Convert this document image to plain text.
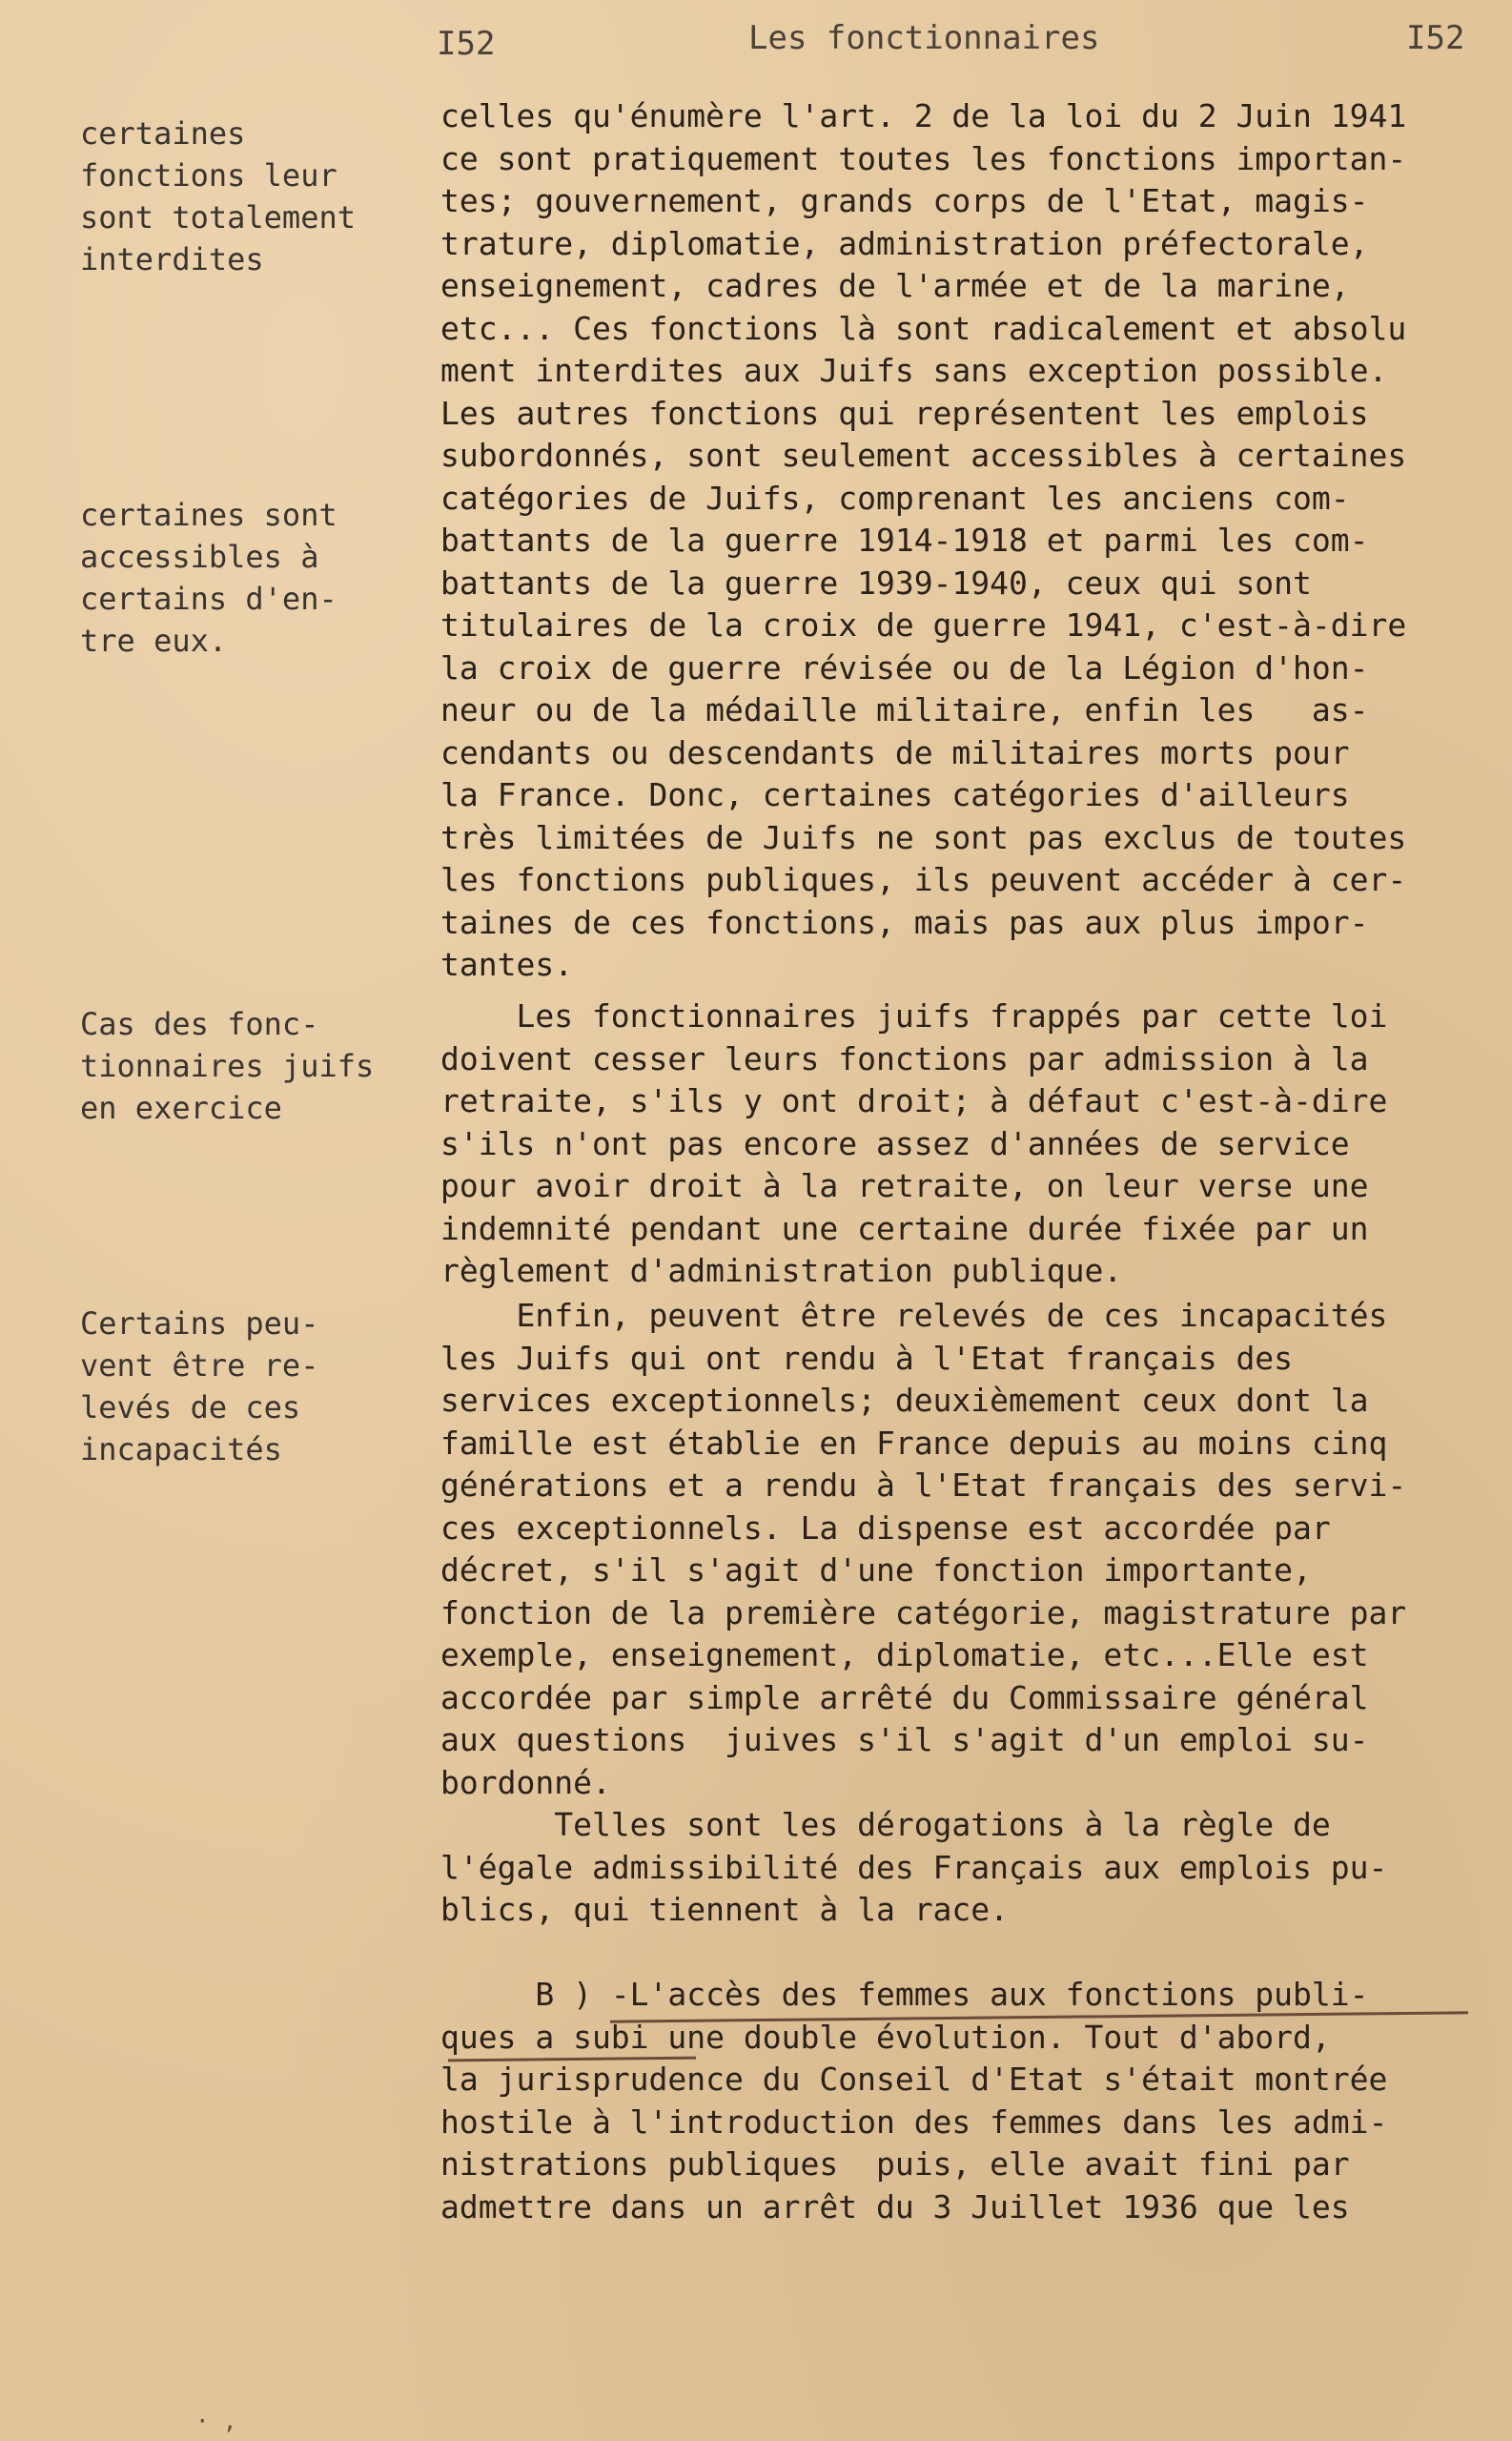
I52	Les fonctionnaires	I52
certaines
fonctions leur
sont totalement
interdites
certaines sont
accessibles à
certains d'en-
tre eux.
Cas des fonc-
tionnaires juifs
en exercice
Certains peu-
vent être re-
levés de ces
incapacités
celles qu'énumère l'art. 2 de la loi du 2 Juin 1941
ce sont pratiquement toutes les fonctions importan-
tes; gouvernement, grands corps de l'Etat, magis-
trature, diplomatie, administration préfectorale,
enseignement, cadres de l'armée et de la marine,
etc... Ces fonctions là sont radicalement et absolu
ment interdites aux Juifs sans exception possible.
Les autres fonctions qui représentent les emplois
subordonnés, sont seulement accessibles à certaines
catégories de Juifs, comprenant les anciens com-
battants de la guerre 1914-1918 et parmi les com-
battants de la guerre 1939-1940, ceux qui sont
titulaires de la croix de guerre 1941, c'est-à-dire
la croix de guerre révisée ou de la Légion d'hon-
neur ou de la médaille militaire, enfin les   as-
cendants ou descendants de militaires morts pour
la France. Donc, certaines catégories d'ailleurs
très limitées de Juifs ne sont pas exclus de toutes
les fonctions publiques, ils peuvent accéder à cer-
taines de ces fonctions, mais pas aux plus impor-
tantes.
Les fonctionnaires juifs frappés par cette loi
doivent cesser leurs fonctions par admission à la
retraite, s'ils y ont droit; à défaut c'est-à-dire
s'ils n'ont pas encore assez d'années de service
pour avoir droit à la retraite, on leur verse une
indemnité pendant une certaine durée fixée par un
règlement d'administration publique.
Enfin, peuvent être relevés de ces incapacités
les Juifs qui ont rendu à l'Etat français des
services exceptionnels; deuxièmement ceux dont la
famille est établie en France depuis au moins cinq
générations et a rendu à l'Etat français des servi-
ces exceptionnels. La dispense est accordée par
décret, s'il s'agit d'une fonction importante,
fonction de la première catégorie, magistrature par
exemple, enseignement, diplomatie, etc...Elle est
accordée par simple arrêté du Commissaire général
aux questions  juives s'il s'agit d'un emploi su-
bordonné.
Telles sont les dérogations à la règle de
l'égale admissibilité des Français aux emplois pu-
blics, qui tiennent à la race.
B ) -L'accès des femmes aux fonctions publi-
ques a subi une double évolution. Tout d'abord,
la jurisprudence du Conseil d'Etat s'était montrée
hostile à l'introduction des femmes dans les admi-
nistrations publiques  puis, elle avait fini par
admettre dans un arrêt du 3 Juillet 1936 que les
· ,
